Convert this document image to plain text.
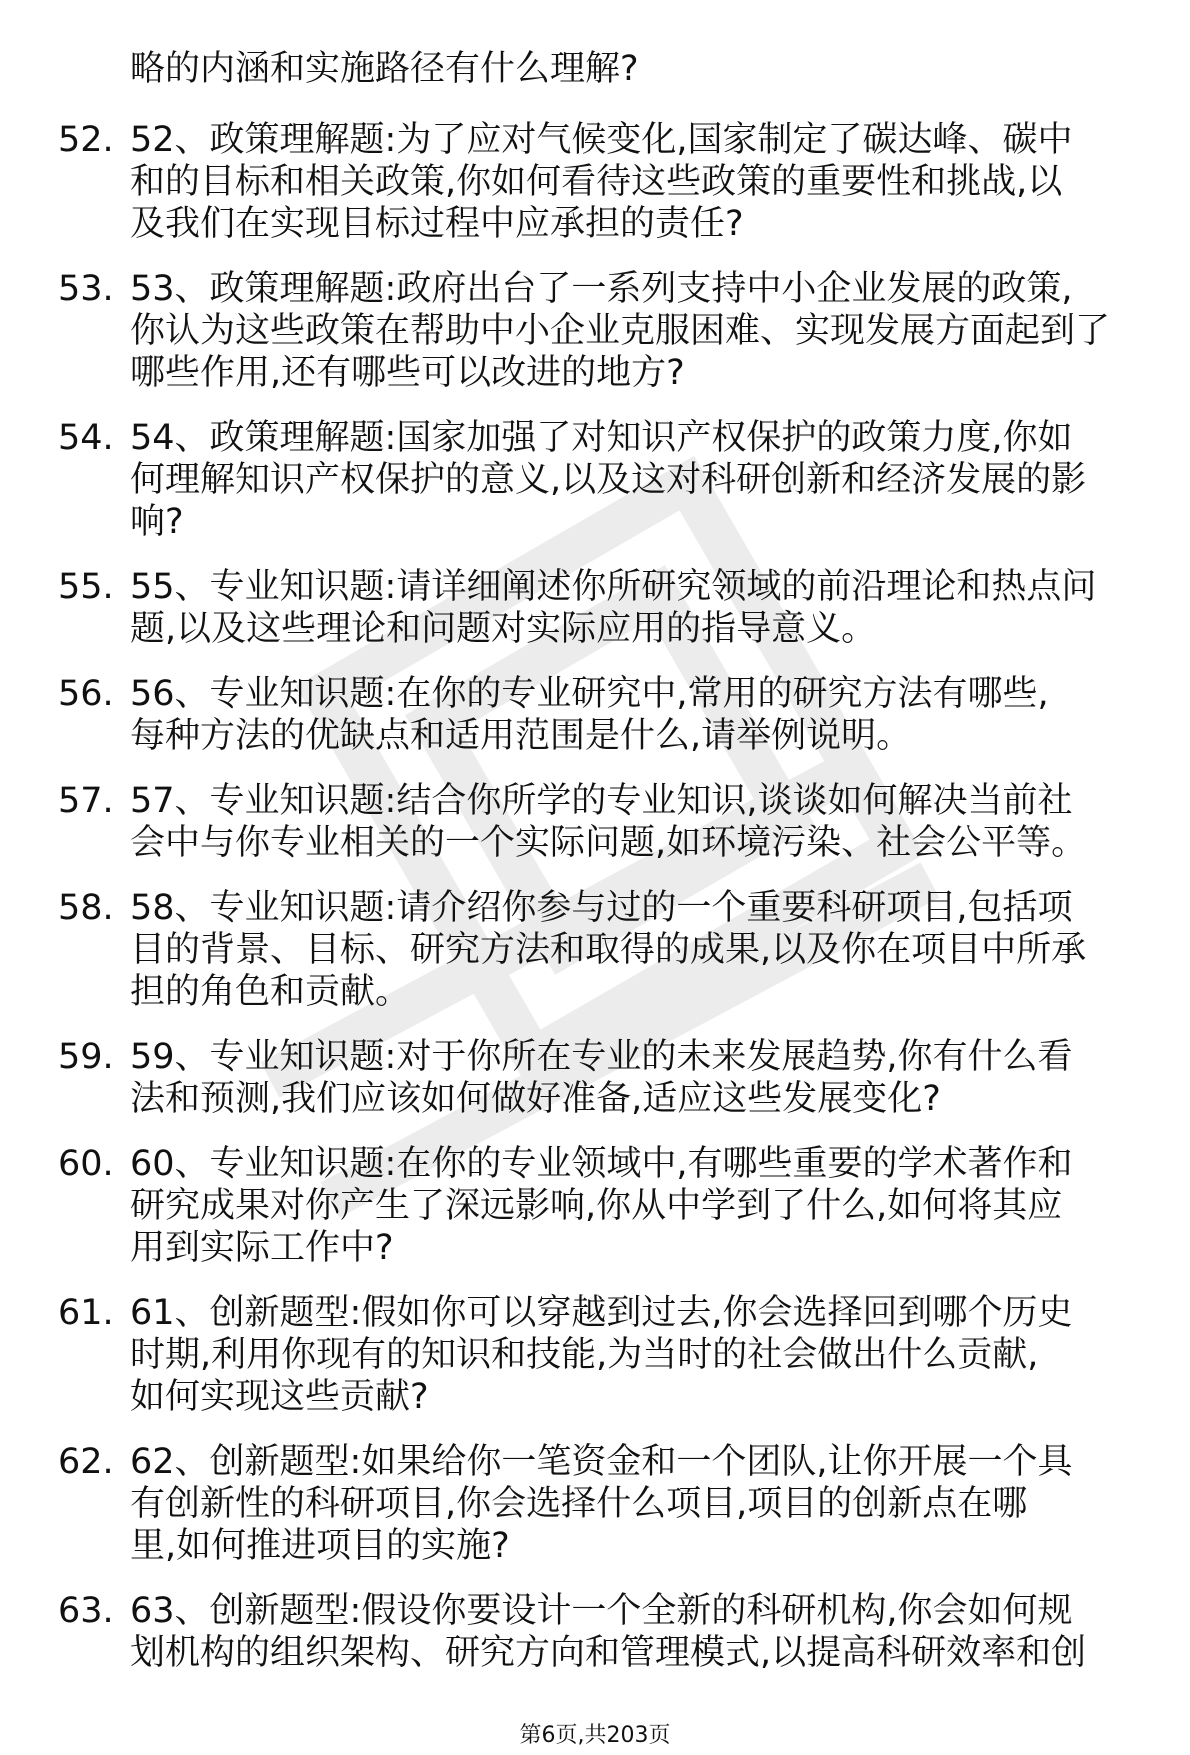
略的内涵和实施路径有什么理解?
52. 52、政策理解题:为了应对气候变化,国家制定了碳达峰、碳中
和的目标和相关政策,你如何看待这些政策的重要性和挑战,以
及我们在实现目标过程中应承担的责任?
53. 53、政策理解题:政府出台了一系列支持中小企业发展的政策,
你认为这些政策在帮助中小企业克服困难、实现发展方面起到了
哪些作用,还有哪些可以改进的地方?
54. 54、政策理解题:国家加强了对知识产权保护的政策力度,你如
何理解知识产权保护的意义,以及这对科研创新和经济发展的影
响?
55. 55、专业知识题:请详细阐述你所研究领域的前沿理论和热点问
题,以及这些理论和问题对实际应用的指导意义。
56. 56、专业知识题:在你的专业研究中,常用的研究方法有哪些,
每种方法的优缺点和适用范围是什么,请举例说明。
57. 57、专业知识题:结合你所学的专业知识,谈谈如何解决当前社
会中与你专业相关的一个实际问题,如环境污染、社会公平等。
58. 58、专业知识题:请介绍你参与过的一个重要科研项目,包括项
目的背景、目标、研究方法和取得的成果,以及你在项目中所承
担的角色和贡献。
59. 59、专业知识题:对于你所在专业的未来发展趋势,你有什么看
法和预测,我们应该如何做好准备,适应这些发展变化?
60. 60、专业知识题:在你的专业领域中,有哪些重要的学术著作和
研究成果对你产生了深远影响,你从中学到了什么,如何将其应
用到实际工作中?
61. 61、创新题型:假如你可以穿越到过去,你会选择回到哪个历史
时期,利用你现有的知识和技能,为当时的社会做出什么贡献,
如何实现这些贡献?
62. 62、创新题型:如果给你一笔资金和一个团队,让你开展一个具
有创新性的科研项目,你会选择什么项目,项目的创新点在哪
里,如何推进项目的实施?
63. 63、创新题型:假设你要设计一个全新的科研机构,你会如何规
划机构的组织架构、研究方向和管理模式,以提高科研效率和创
第6页,共203页
